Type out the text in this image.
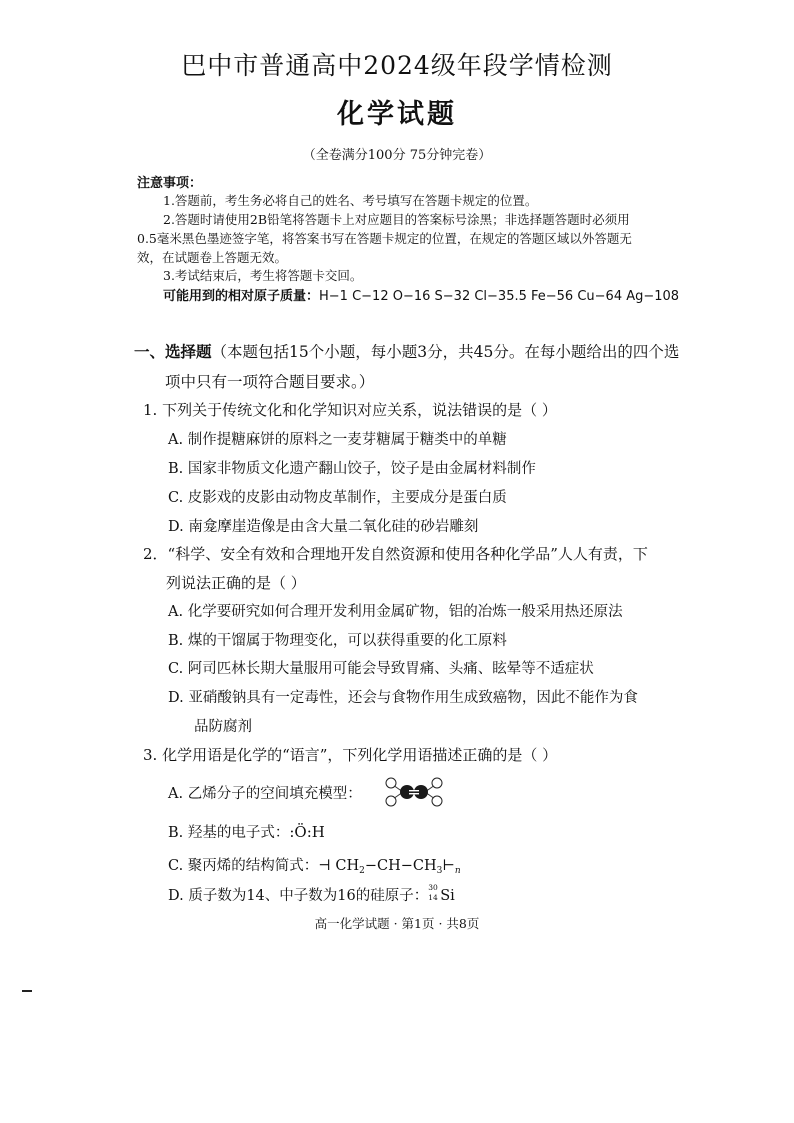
巴中市普通高中2024级年段学情检测
化学试题
（全卷满分100分 75分钟完卷）
注意事项：
1.答题前，考生务必将自己的姓名、考号填写在答题卡规定的位置。
2.答题时请使用2B铅笔将答题卡上对应题目的答案标号涂黑；非选择题答题时必须用
0.5毫米黑色墨迹签字笔，将答案书写在答题卡规定的位置，在规定的答题区域以外答题无
效，在试题卷上答题无效。
3.考试结束后，考生将答题卡交回。
可能用到的相对原子质量：H−1 C−12 O−16 S−32 Cl−35.5 Fe−56 Cu−64 Ag−108
一、选择题（本题包括15个小题，每小题3分，共45分。在每小题给出的四个选
项中只有一项符合题目要求。）
1. 下列关于传统文化和化学知识对应关系，说法错误的是（ ）
A. 制作提糖麻饼的原料之一麦芽糖属于糖类中的单糖
B. 国家非物质文化遗产翻山饺子，饺子是由金属材料制作
C. 皮影戏的皮影由动物皮革制作，主要成分是蛋白质
D. 南龛摩崖造像是由含大量二氧化硅的砂岩雕刻
2．“科学、安全有效和合理地开发自然资源和使用各种化学品”人人有责，下
列说法正确的是（ ）
A. 化学要研究如何合理开发利用金属矿物，铝的冶炼一般采用热还原法
B. 煤的干馏属于物理变化，可以获得重要的化工原料
C. 阿司匹林长期大量服用可能会导致胃痛、头痛、眩晕等不适症状
D. 亚硝酸钠具有一定毒性，还会与食物作用生成致癌物，因此不能作为食
品防腐剂
3. 化学用语是化学的“语言”，下列化学用语描述正确的是（ ）
A. 乙烯分子的空间填充模型：
B. 羟基的电子式：:Ö:H
C. 聚丙烯的结构简式：⊣ $CH_2-CH-CH_3⊢_n$
D. 质子数为14、中子数为16的硅原子：
30
14 Si
高一化学试题 · 第1页 · 共8页
